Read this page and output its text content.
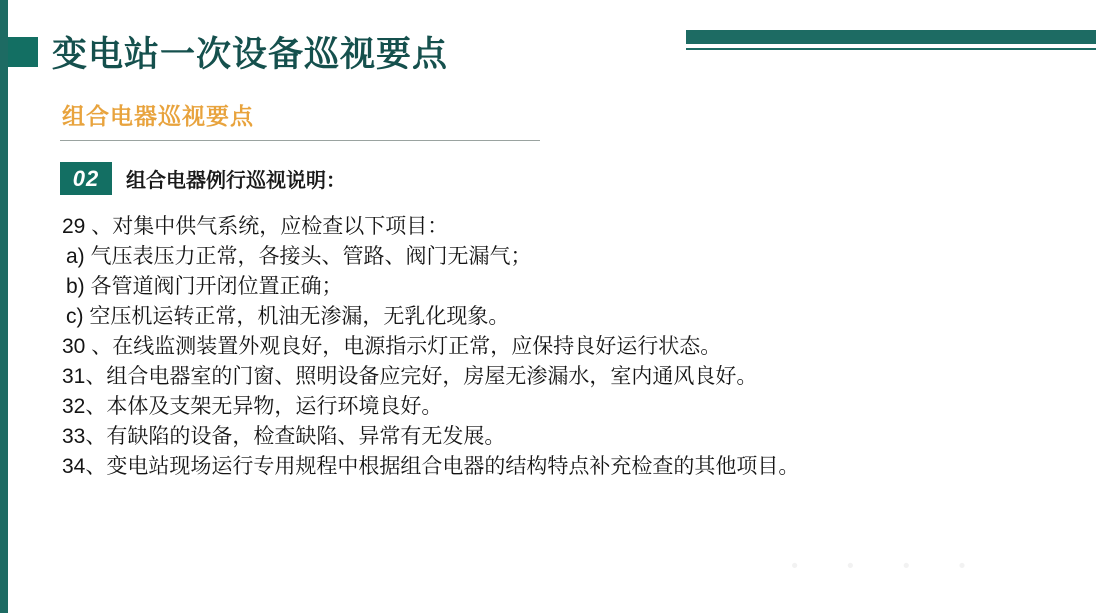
变电站一次设备巡视要点
组合电器巡视要点
02	组合电器例行巡视说明：
29 、对集中供气系统，应检查以下项目：
a) 气压表压力正常，各接头、管路、阀门无漏气；
b) 各管道阀门开闭位置正确；
c) 空压机运转正常，机油无渗漏，无乳化现象。
30 、在线监测装置外观良好，电源指示灯正常，应保持良好运行状态。
31、组合电器室的门窗、照明设备应完好，房屋无渗漏水，室内通风良好。
32、本体及支架无异物，运行环境良好。
33、有缺陷的设备，检查缺陷、异常有无发展。
34、变电站现场运行专用规程中根据组合电器的结构特点补充检查的其他项目。
・ ・ ・ ・
